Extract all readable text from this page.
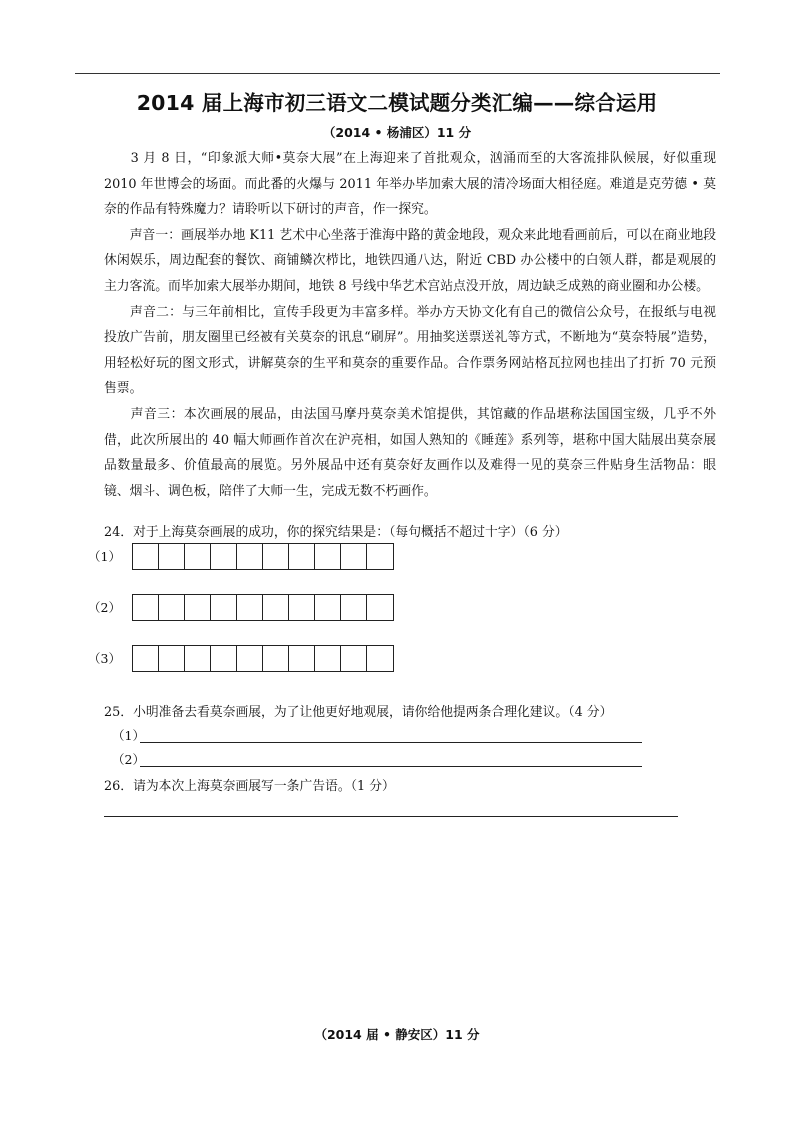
2014 届上海市初三语文二模试题分类汇编——综合运用
（2014 • 杨浦区）11 分

　　3 月 8 日，“印象派大师•莫奈大展”在上海迎来了首批观众，汹涌而至的大客流排队候展，好似重现 2010 年世博会的场面。而此番的火爆与 2011 年举办毕加索大展的清冷场面大相径庭。难道是克劳德 • 莫奈的作品有特殊魔力？请聆听以下研讨的声音，作一探究。

　　声音一：画展举办地 K11 艺术中心坐落于淮海中路的黄金地段，观众来此地看画前后，可以在商业地段休闲娱乐，周边配套的餐饮、商铺鳞次栉比，地铁四通八达，附近 CBD 办公楼中的白领人群，都是观展的主力客流。而毕加索大展举办期间，地铁 8 号线中华艺术宫站点没开放，周边缺乏成熟的商业圈和办公楼。

　　声音二：与三年前相比，宣传手段更为丰富多样。举办方天协文化有自己的微信公众号，在报纸与电视投放广告前，朋友圈里已经被有关莫奈的讯息“刷屏”。用抽奖送票送礼等方式，不断地为“莫奈特展”造势，用轻松好玩的图文形式，讲解莫奈的生平和莫奈的重要作品。合作票务网站格瓦拉网也挂出了打折 70 元预售票。

　　声音三：本次画展的展品，由法国马摩丹莫奈美术馆提供，其馆藏的作品堪称法国国宝级，几乎不外借，此次所展出的 40 幅大师画作首次在沪亮相，如国人熟知的《睡莲》系列等，堪称中国大陆展出莫奈展品数量最多、价值最高的展览。另外展品中还有莫奈好友画作以及难得一见的莫奈三件贴身生活物品：眼镜、烟斗、调色板，陪伴了大师一生，完成无数不朽画作。

24．对于上海莫奈画展的成功，你的探究结果是：（每句概括不超过十字）（6 分）
（1）
（2）
（3）
25．小明准备去看莫奈画展，为了让他更好地观展，请你给他提两条合理化建议。（4 分）
（1）
（2）
26．请为本次上海莫奈画展写一条广告语。（1 分）
（2014 届 • 静安区）11 分
